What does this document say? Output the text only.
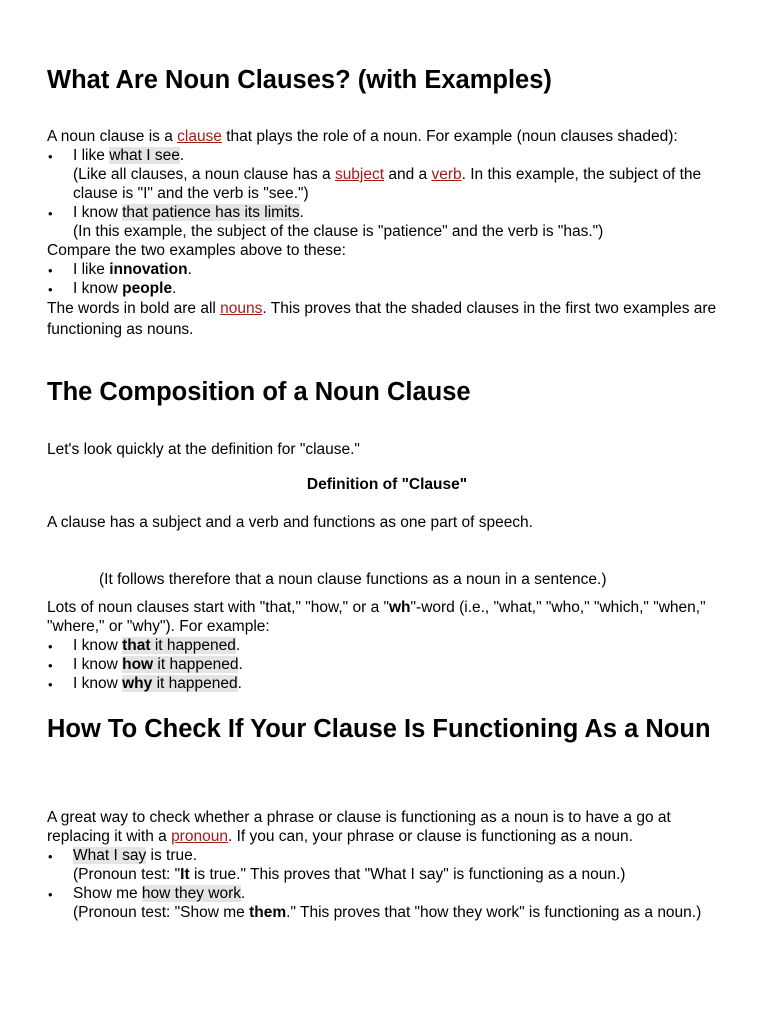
What Are Noun Clauses? (with Examples)

A noun clause is a clause that plays the role of a noun. For example (noun clauses shaded):

• I like what I see.
(Like all clauses, a noun clause has a subject and a verb. In this example, the subject of the clause is "I" and the verb is "see.")
• I know that patience has its limits.
(In this example, the subject of the clause is "patience" and the verb is "has.")

Compare the two examples above to these:

• I like innovation.
• I know people.

The words in bold are all nouns. This proves that the shaded clauses in the first two examples are functioning as nouns.

The Composition of a Noun Clause
Let's look quickly at the definition for "clause."
Definition of "Clause"
A clause has a subject and a verb and functions as one part of speech.
(It follows therefore that a noun clause functions as a noun in a sentence.)

Lots of noun clauses start with "that," "how," or a "wh"-word (i.e., "what," "who," "which," "when," "where," or "why"). For example:

• I know that it happened.
• I know how it happened.
• I know why it happened.
How To Check If Your Clause Is Functioning As a Noun

A great way to check whether a phrase or clause is functioning as a noun is to have a go at replacing it with a pronoun. If you can, your phrase or clause is functioning as a noun.

• What I say is true.
(Pronoun test: "It is true." This proves that "What I say" is functioning as a noun.)
• Show me how they work.
(Pronoun test: "Show me them." This proves that "how they work" is functioning as a noun.)
